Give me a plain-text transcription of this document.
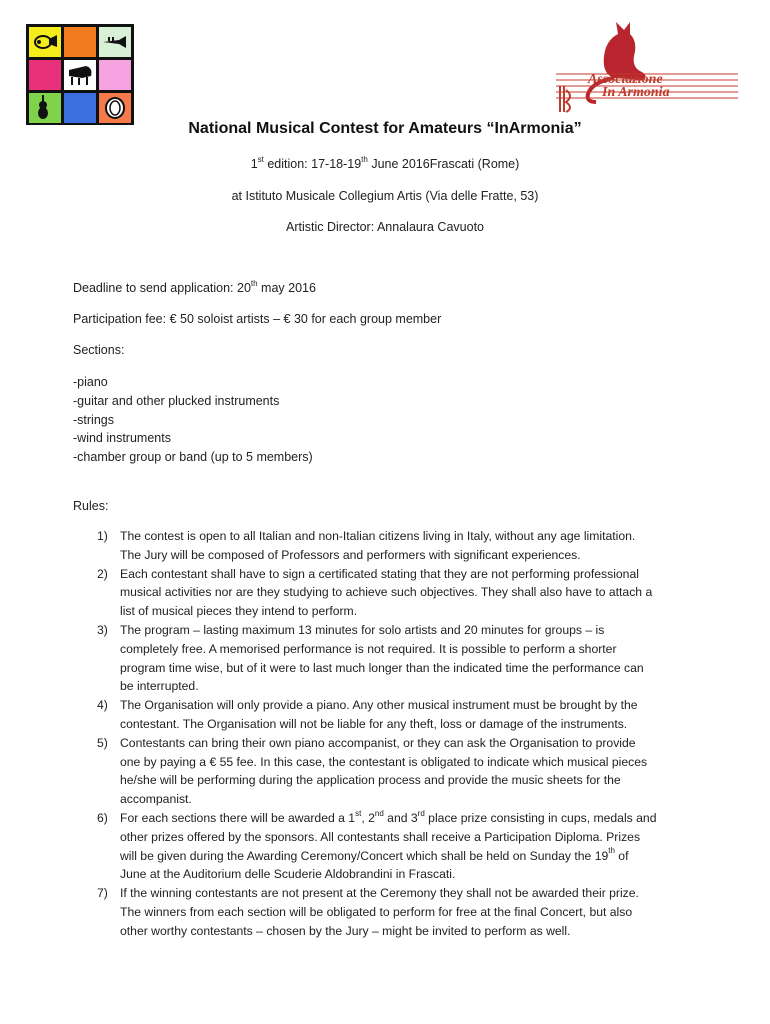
Associazione
In Armonia
National Musical Contest for Amateurs “InArmonia”
1st edition: 17-18-19th June 2016Frascati (Rome)
at Istituto Musicale Collegium Artis (Via delle Fratte, 53)
Artistic Director: Annalaura Cavuoto
Deadline to send application: 20th may 2016
Participation fee: € 50 soloist artists – € 30 for each group member
Sections:
-piano
-guitar and other plucked instruments
-strings
-wind instruments
-chamber group or band (up to 5 members)
Rules:
1) The contest is open to all Italian and non-Italian citizens living in Italy, without any age limitation.
The Jury will be composed of Professors and performers with significant experiences.
2) Each contestant shall have to sign a certificated stating that they are not performing professional
musical activities nor are they studying to achieve such objectives. They shall also have to attach a
list of musical pieces they intend to perform.
3) The program – lasting maximum 13 minutes for solo artists and 20 minutes for groups – is
completely free. A memorised performance is not required. It is possible to perform a shorter
program time wise, but of it were to last much longer than the indicated time the performance can
be interrupted.
4) The Organisation will only provide a piano. Any other musical instrument must be brought by the
contestant. The Organisation will not be liable for any theft, loss or damage of the instruments.
5) Contestants can bring their own piano accompanist, or they can ask the Organisation to provide
one by paying a € 55 fee. In this case, the contestant is obligated to indicate which musical pieces
he/she will be performing during the application process and provide the music sheets for the
accompanist.
6) For each sections there will be awarded a 1st, 2nd and 3rd place prize consisting in cups, medals and
other prizes offered by the sponsors. All contestants shall receive a Participation Diploma. Prizes
will be given during the Awarding Ceremony/Concert which shall be held on Sunday the 19th of
June at the Auditorium delle Scuderie Aldobrandini in Frascati.
7) If the winning contestants are not present at the Ceremony they shall not be awarded their prize.
The winners from each section will be obligated to perform for free at the final Concert, but also
other worthy contestants – chosen by the Jury – might be invited to perform as well.
